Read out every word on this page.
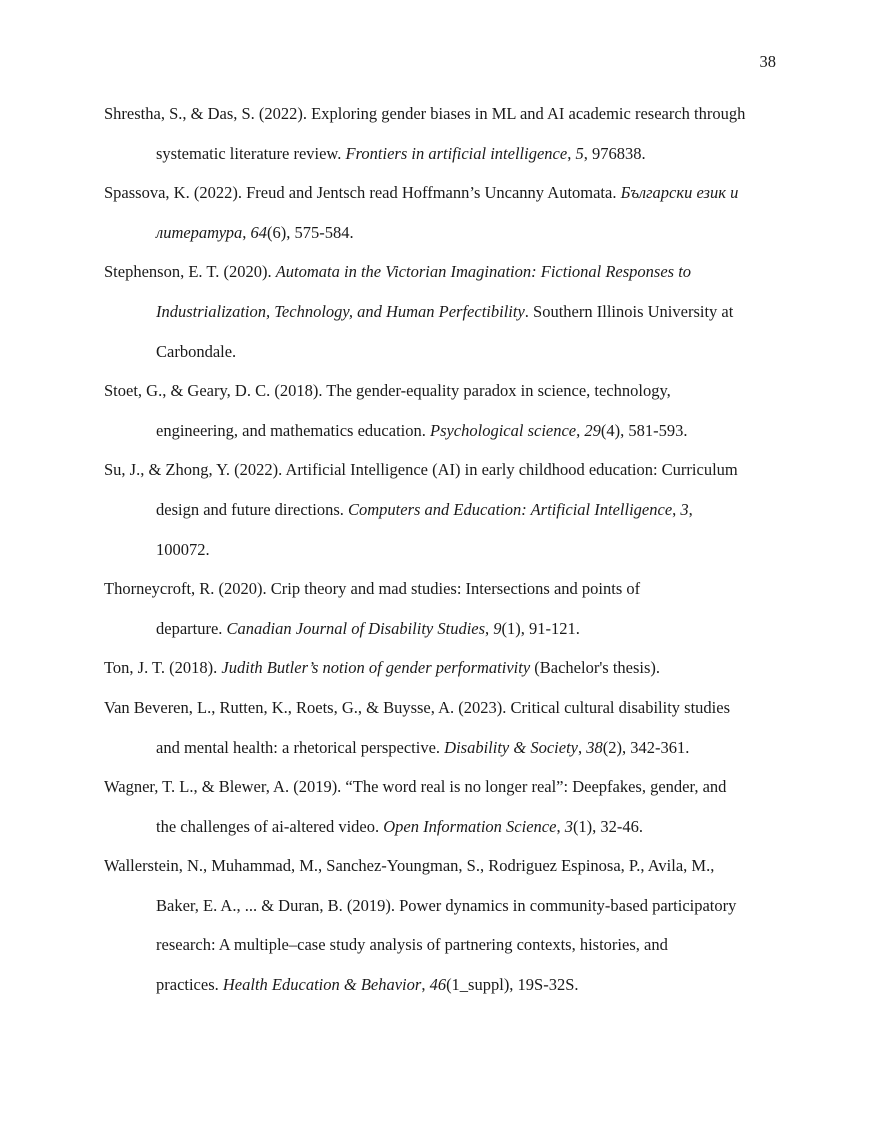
38
Shrestha, S., & Das, S. (2022). Exploring gender biases in ML and AI academic research through
systematic literature review. Frontiers in artificial intelligence, 5, 976838.
Spassova, K. (2022). Freud and Jentsch read Hoffmann’s Uncanny Automata. Български език и
литература, 64(6), 575-584.
Stephenson, E. T. (2020). Automata in the Victorian Imagination: Fictional Responses to
Industrialization, Technology, and Human Perfectibility. Southern Illinois University at
Carbondale.
Stoet, G., & Geary, D. C. (2018). The gender-equality paradox in science, technology,
engineering, and mathematics education. Psychological science, 29(4), 581-593.
Su, J., & Zhong, Y. (2022). Artificial Intelligence (AI) in early childhood education: Curriculum
design and future directions. Computers and Education: Artificial Intelligence, 3,
100072.
Thorneycroft, R. (2020). Crip theory and mad studies: Intersections and points of
departure. Canadian Journal of Disability Studies, 9(1), 91-121.
Ton, J. T. (2018). Judith Butler’s notion of gender performativity (Bachelor's thesis).
Van Beveren, L., Rutten, K., Roets, G., & Buysse, A. (2023). Critical cultural disability studies
and mental health: a rhetorical perspective. Disability & Society, 38(2), 342-361.
Wagner, T. L., & Blewer, A. (2019). “The word real is no longer real”: Deepfakes, gender, and
the challenges of ai-altered video. Open Information Science, 3(1), 32-46.
Wallerstein, N., Muhammad, M., Sanchez-Youngman, S., Rodriguez Espinosa, P., Avila, M.,
Baker, E. A., ... & Duran, B. (2019). Power dynamics in community-based participatory
research: A multiple–case study analysis of partnering contexts, histories, and
practices. Health Education & Behavior, 46(1_suppl), 19S-32S.
